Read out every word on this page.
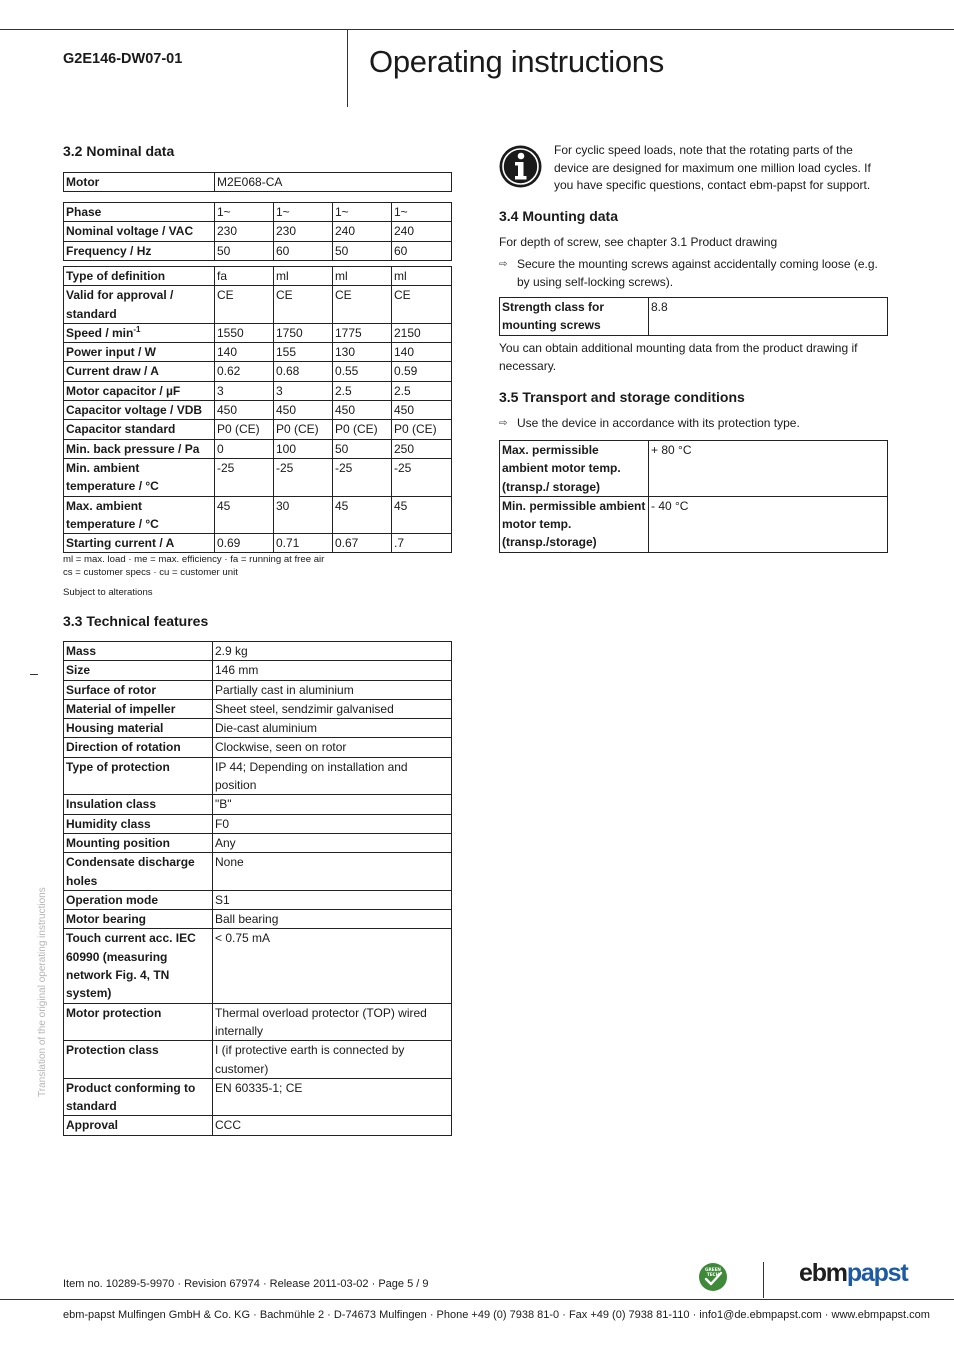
G2E146-DW07-01	Operating instructions
3.2 Nominal data
Motor	M2E068-CA
Phase	1~	1~	1~	1~
Nominal voltage / VAC	230	230	240	240
Frequency / Hz	50	60	50	60
Type of definition	fa	ml	ml	ml
Valid for approval / standard	CE	CE	CE	CE
Speed / $\min^{-1}$	1550	1750	1775	2150
Power input / W	140	155	130	140
Current draw / A	0.62	0.68	0.55	0.59
Motor capacitor / µF	3	3	2.5	2.5
Capacitor voltage / VDB	450	450	450	450
Capacitor standard	P0 (CE)	P0 (CE)	P0 (CE)	P0 (CE)
Min. back pressure / Pa	0	100	50	250
Min. ambient temperature / °C	-25	-25	-25	-25
Max. ambient temperature / °C	45	30	45	45
Starting current / A	0.69	0.71	0.67	.7
ml = max. load · me = max. efficiency · fa = running at free air
cs = customer specs · cu = customer unit
Subject to alterations
3.3 Technical features
Mass	2.9 kg
Size	146 mm
Surface of rotor	Partially cast in aluminium
Material of impeller	Sheet steel, sendzimir galvanised
Housing material	Die-cast aluminium
Direction of rotation	Clockwise, seen on rotor
Type of protection	IP 44; Depending on installation and position
Insulation class	"B"
Humidity class	F0
Mounting position	Any
Condensate discharge holes	None
Operation mode	S1
Motor bearing	Ball bearing
Touch current acc. IEC 60990 (measuring network Fig. 4, TN system)	< 0.75 mA
Motor protection	Thermal overload protector (TOP) wired internally
Protection class	I (if protective earth is connected by customer)
Product conforming to standard	EN 60335-1; CE
Approval	CCC
For cyclic speed loads, note that the rotating parts of the device are designed for maximum one million load cycles. If you have specific questions, contact ebm-papst for support.
3.4 Mounting data
For depth of screw, see chapter 3.1 Product drawing
⇨ Secure the mounting screws against accidentally coming loose (e.g. by using self-locking screws).
Strength class for mounting screws	8.8
You can obtain additional mounting data from the product drawing if necessary.
3.5 Transport and storage conditions
⇨ Use the device in accordance with its protection type.
Max. permissible ambient motor temp. (transp./ storage)	+ 80 °C
Min. permissible ambient motor temp. (transp./storage)	- 40 °C
Translation of the original operating instructions
Item no. 10289-5-9970 · Revision 67974 · Release 2011-03-02 · Page 5 / 9
GREEN
TECH	ebmpapst
ebm-papst Mulfingen GmbH & Co. KG · Bachmühle 2 · D-74673 Mulfingen · Phone +49 (0) 7938 81-0 · Fax +49 (0) 7938 81-110 · info1@de.ebmpapst.com · www.ebmpapst.com
